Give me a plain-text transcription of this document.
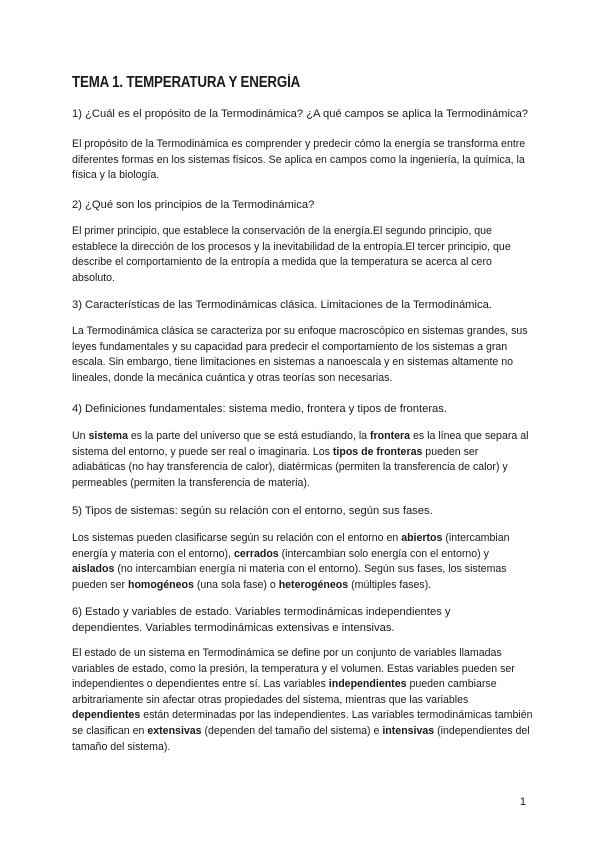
TEMA 1. TEMPERATURA Y ENERGÍA
1) ¿Cuál es el propósito de la Termodinámica? ¿A qué campos se aplica la Termodinámica?
El propósito de la Termodinámica es comprender y predecir cómo la energía se transforma entre diferentes formas en los sistemas físicos. Se aplica en campos como la ingeniería, la química, la física y la biología.
2) ¿Qué son los principios de la Termodinámica?
El primer principio, que establece la conservación de la energía.El segundo principio, que establece la dirección de los procesos y la inevitabilidad de la entropía.El tercer principio, que describe el comportamiento de la entropía a medida que la temperatura se acerca al cero absoluto.
3) Características de las Termodinámicas clásica. Limitaciones de la Termodinámica.
La Termodinámica clásica se caracteriza por su enfoque macroscópico en sistemas grandes, sus leyes fundamentales y su capacidad para predecir el comportamiento de los sistemas a gran escala. Sin embargo, tiene limitaciones en sistemas a nanoescala y en sistemas altamente no lineales, donde la mecánica cuántica y otras teorías son necesarias.
4) Definiciones fundamentales: sistema medio, frontera y tipos de fronteras.
Un sistema es la parte del universo que se está estudiando, la frontera es la línea que separa al sistema del entorno, y puede ser real o imaginaria. Los tipos de fronteras pueden ser adiabáticas (no hay transferencia de calor), diatérmicas (permiten la transferencia de calor) y permeables (permiten la transferencia de materia).
5) Tipos de sistemas: según su relación con el entorno, según sus fases.
Los sistemas pueden clasificarse según su relación con el entorno en abiertos (intercambian energía y materia con el entorno), cerrados (intercambian solo energía con el entorno) y aislados (no intercambian energía ni materia con el entorno). Según sus fases, los sistemas pueden ser homogéneos (una sola fase) o heterogéneos (múltiples fases).
6) Estado y variables de estado. Variables termodinámicas independientes y dependientes. Variables termodinámicas extensivas e intensivas.
El estado de un sistema en Termodinámica se define por un conjunto de variables llamadas variables de estado, como la presión, la temperatura y el volumen. Estas variables pueden ser independientes o dependientes entre sí. Las variables independientes pueden cambiarse arbitrariamente sin afectar otras propiedades del sistema, mientras que las variables dependientes están determinadas por las independientes. Las variables termodinámicas también se clasifican en extensivas (dependen del tamaño del sistema) e intensivas (independientes del tamaño del sistema).
1
